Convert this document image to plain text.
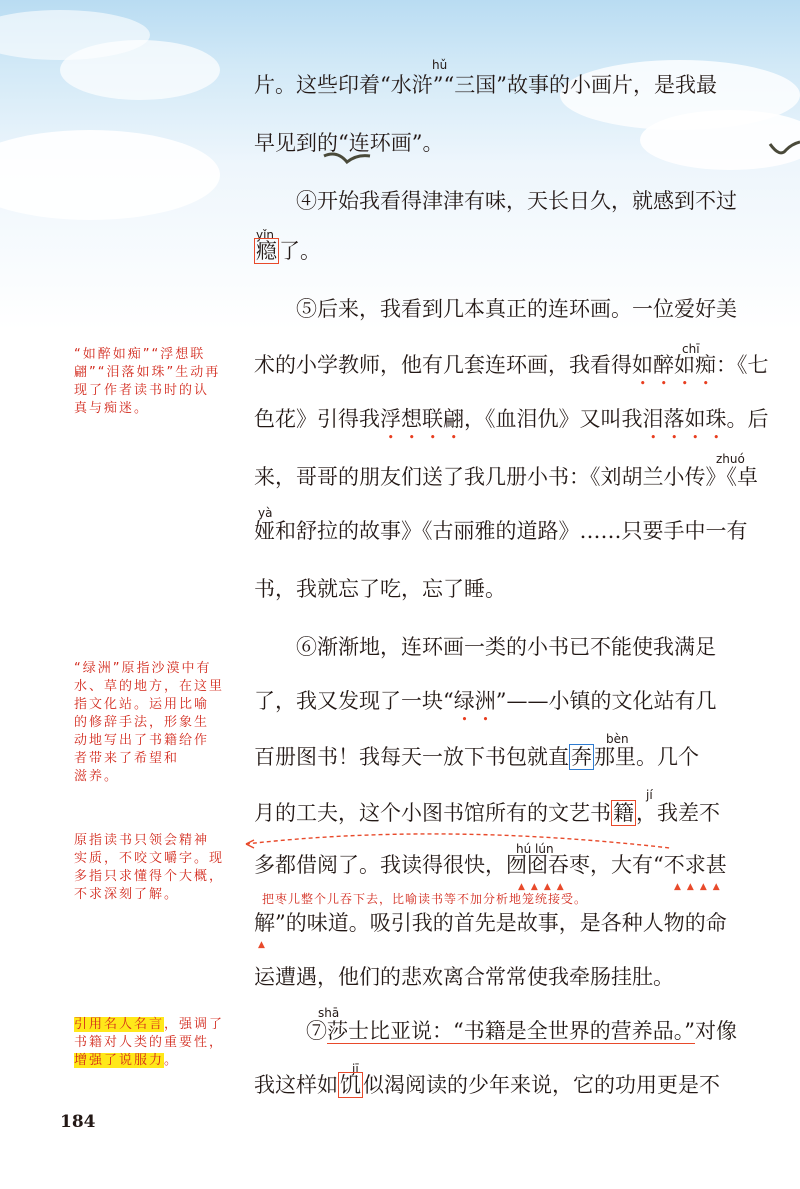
hǔ
片。这些印着“水浒”“三国”故事的小画片，是我最
早见到的“连环画”。
④开始我看得津津有味，天长日久，就感到不过
yǐn
瘾了。
⑤后来，我看到几本真正的连环画。一位爱好美
chī
术的小学教师，他有几套连环画，我看得如醉如痴：《七
色花》引得我浮想联翩，《血泪仇》又叫我泪落如珠。后
zhuó
来，哥哥的朋友们送了我几册小书：《刘胡兰小传》《卓
yà
娅和舒拉的故事》《古丽雅的道路》……只要手中一有
书，我就忘了吃，忘了睡。
⑥渐渐地，连环画一类的小书已不能使我满足
了，我又发现了一块“绿洲”——小镇的文化站有几
bèn
百册图书！我每天一放下书包就直奔那里。几个
jí
月的工夫，这个小图书馆所有的文艺书籍，我差不
hú lún
多都借阅了。我读得很快，囫囵吞枣，大有“不求甚
▲▲▲▲	▲▲▲▲
把枣儿整个儿吞下去，比喻读书等不加分析地笼统接受。
解”的味道。吸引我的首先是故事，是各种人物的命
▲
运遭遇，他们的悲欢离合常常使我牵肠挂肚。
shā
⑦莎士比亚说：“书籍是全世界的营养品。”对像
jī
我这样如饥似渴阅读的少年来说，它的功用更是不
“如醉如痴”“浮想联
翩”“泪落如珠”生动再
现了作者读书时的认
真与痴迷。
“绿洲”原指沙漠中有
水、草的地方，在这里
指文化站。运用比喻
的修辞手法，形象生
动地写出了书籍给作
者带来了希望和
滋养。
原指读书只领会精神
实质，不咬文嚼字。现
多指只求懂得个大概，
不求深刻了解。
引用名人名言，强调了
书籍对人类的重要性，
增强了说服力。
184
